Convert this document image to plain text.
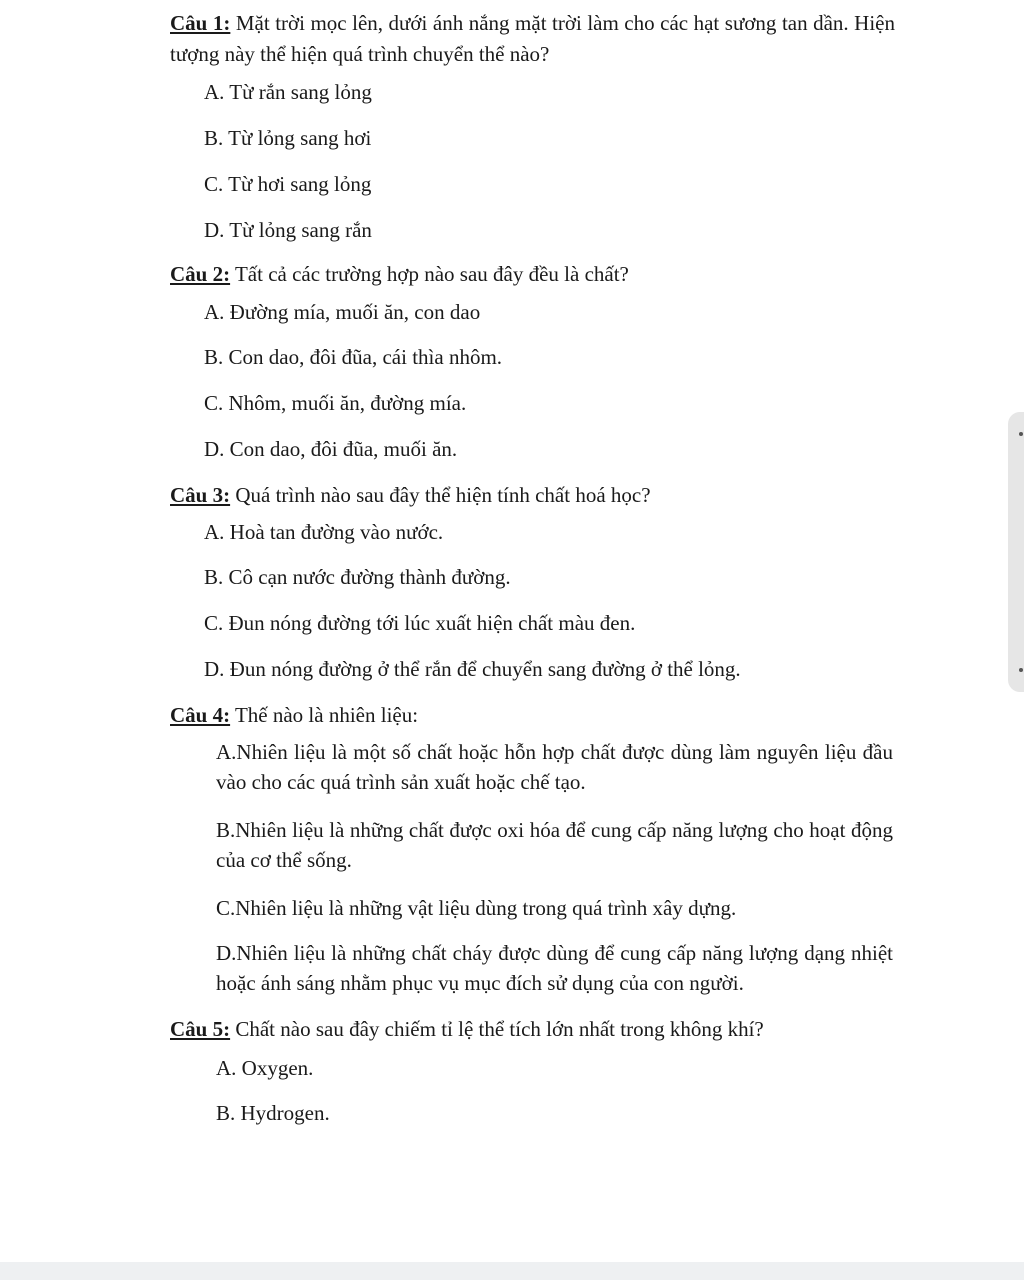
Câu 1: Mặt trời mọc lên, dưới ánh nắng mặt trời làm cho các hạt sương tan dần. Hiện tượng này thể hiện quá trình chuyển thể nào?

A. Từ rắn sang lỏng

B. Từ lỏng sang hơi

C. Từ hơi sang lỏng

D. Từ lỏng sang rắn

Câu 2: Tất cả các trường hợp nào sau đây đều là chất?

A. Đường mía, muối ăn, con dao

B. Con dao, đôi đũa, cái thìa nhôm.

C. Nhôm, muối ăn, đường mía.

D. Con dao, đôi đũa, muối ăn.

Câu 3: Quá trình nào sau đây thể hiện tính chất hoá học?

A. Hoà tan đường vào nước.

B. Cô cạn nước đường thành đường.

C. Đun nóng đường tới lúc xuất hiện chất màu đen.

D. Đun nóng đường ở thể rắn để chuyển sang đường ở thể lỏng.

Câu 4: Thế nào là nhiên liệu:

A.Nhiên liệu là một số chất hoặc hỗn hợp chất được dùng làm nguyên liệu đầu vào cho các quá trình sản xuất hoặc chế tạo.

B.Nhiên liệu là những chất được oxi hóa để cung cấp năng lượng cho hoạt động của cơ thể sống.

C.Nhiên liệu là những vật liệu dùng trong quá trình xây dựng.

D.Nhiên liệu là những chất cháy được dùng để cung cấp năng lượng dạng nhiệt hoặc ánh sáng nhằm phục vụ mục đích sử dụng của con người.

Câu 5: Chất nào sau đây chiếm tỉ lệ thể tích lớn nhất trong không khí?

A. Oxygen.

B. Hydrogen.
